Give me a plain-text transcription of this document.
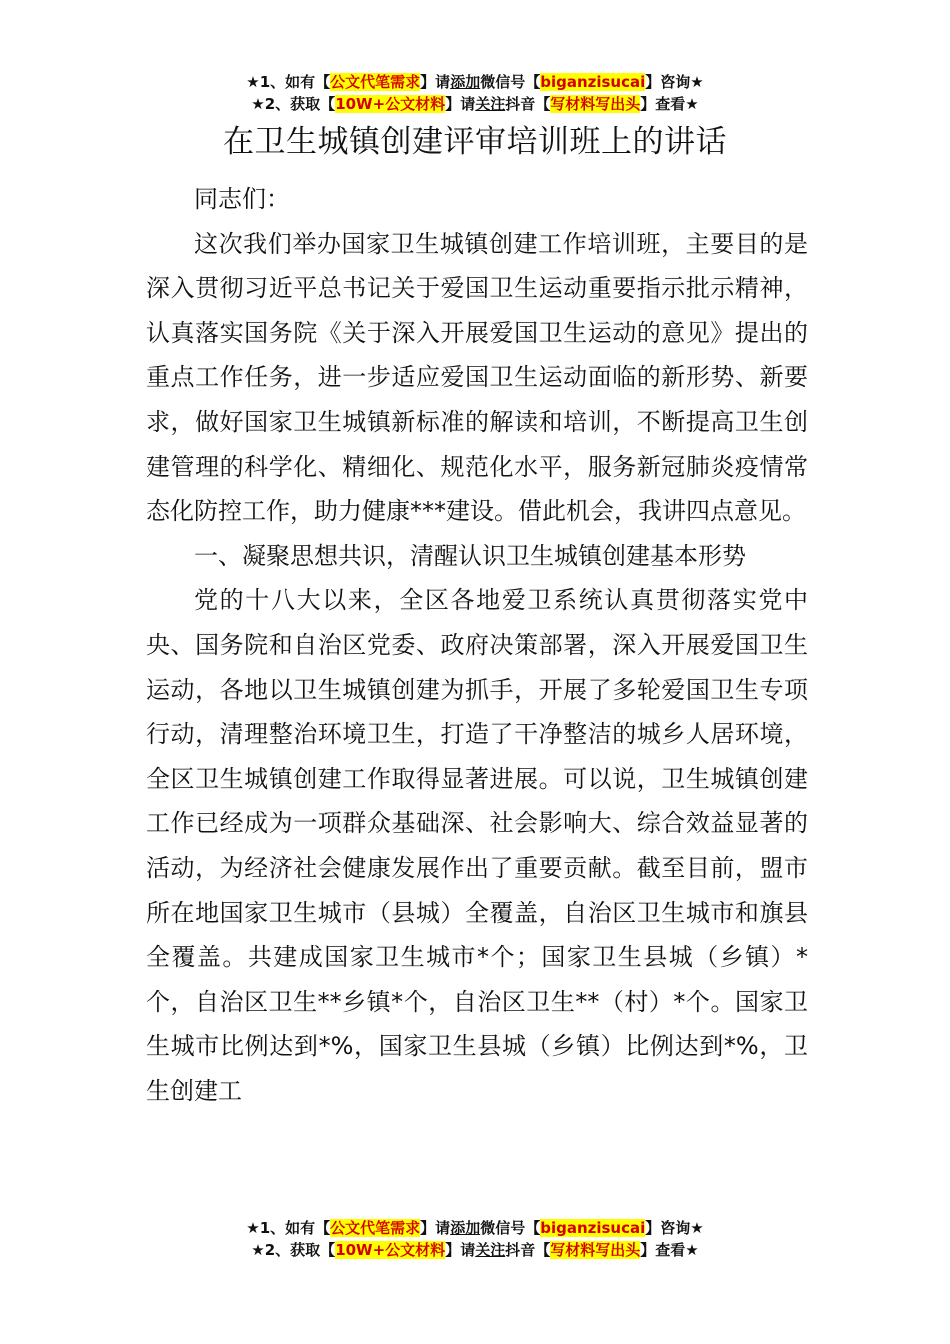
★1、如有【公文代笔需求】请添加微信号【biganzisucai】咨询★
★2、获取【10W+公文材料】请关注抖音【写材料写出头】查看★
在卫生城镇创建评审培训班上的讲话

同志们：

这次我们举办国家卫生城镇创建工作培训班，主要目的是深入贯彻习近平总书记关于爱国卫生运动重要指示批示精神，认真落实国务院《关于深入开展爱国卫生运动的意见》提出的重点工作任务，进一步适应爱国卫生运动面临的新形势、新要求，做好国家卫生城镇新标准的解读和培训，不断提高卫生创建管理的科学化、精细化、规范化水平，服务新冠肺炎疫情常态化防控工作，助力健康***建设。借此机会，我讲四点意见。

一、凝聚思想共识，清醒认识卫生城镇创建基本形势

党的十八大以来，全区各地爱卫系统认真贯彻落实党中央、国务院和自治区党委、政府决策部署，深入开展爱国卫生运动，各地以卫生城镇创建为抓手，开展了多轮爱国卫生专项行动，清理整治环境卫生，打造了干净整洁的城乡人居环境，全区卫生城镇创建工作取得显著进展。可以说，卫生城镇创建工作已经成为一项群众基础深、社会影响大、综合效益显著的活动，为经济社会健康发展作出了重要贡献。截至目前，盟市所在地国家卫生城市（县城）全覆盖，自治区卫生城市和旗县全覆盖。共建成国家卫生城市*个；国家卫生县城（乡镇）*个，自治区卫生**乡镇*个，自治区卫生**（村）*个。国家卫生城市比例达到*%，国家卫生县城（乡镇）比例达到*%，卫生创建工

★1、如有【公文代笔需求】请添加微信号【biganzisucai】咨询★
★2、获取【10W+公文材料】请关注抖音【写材料写出头】查看★
